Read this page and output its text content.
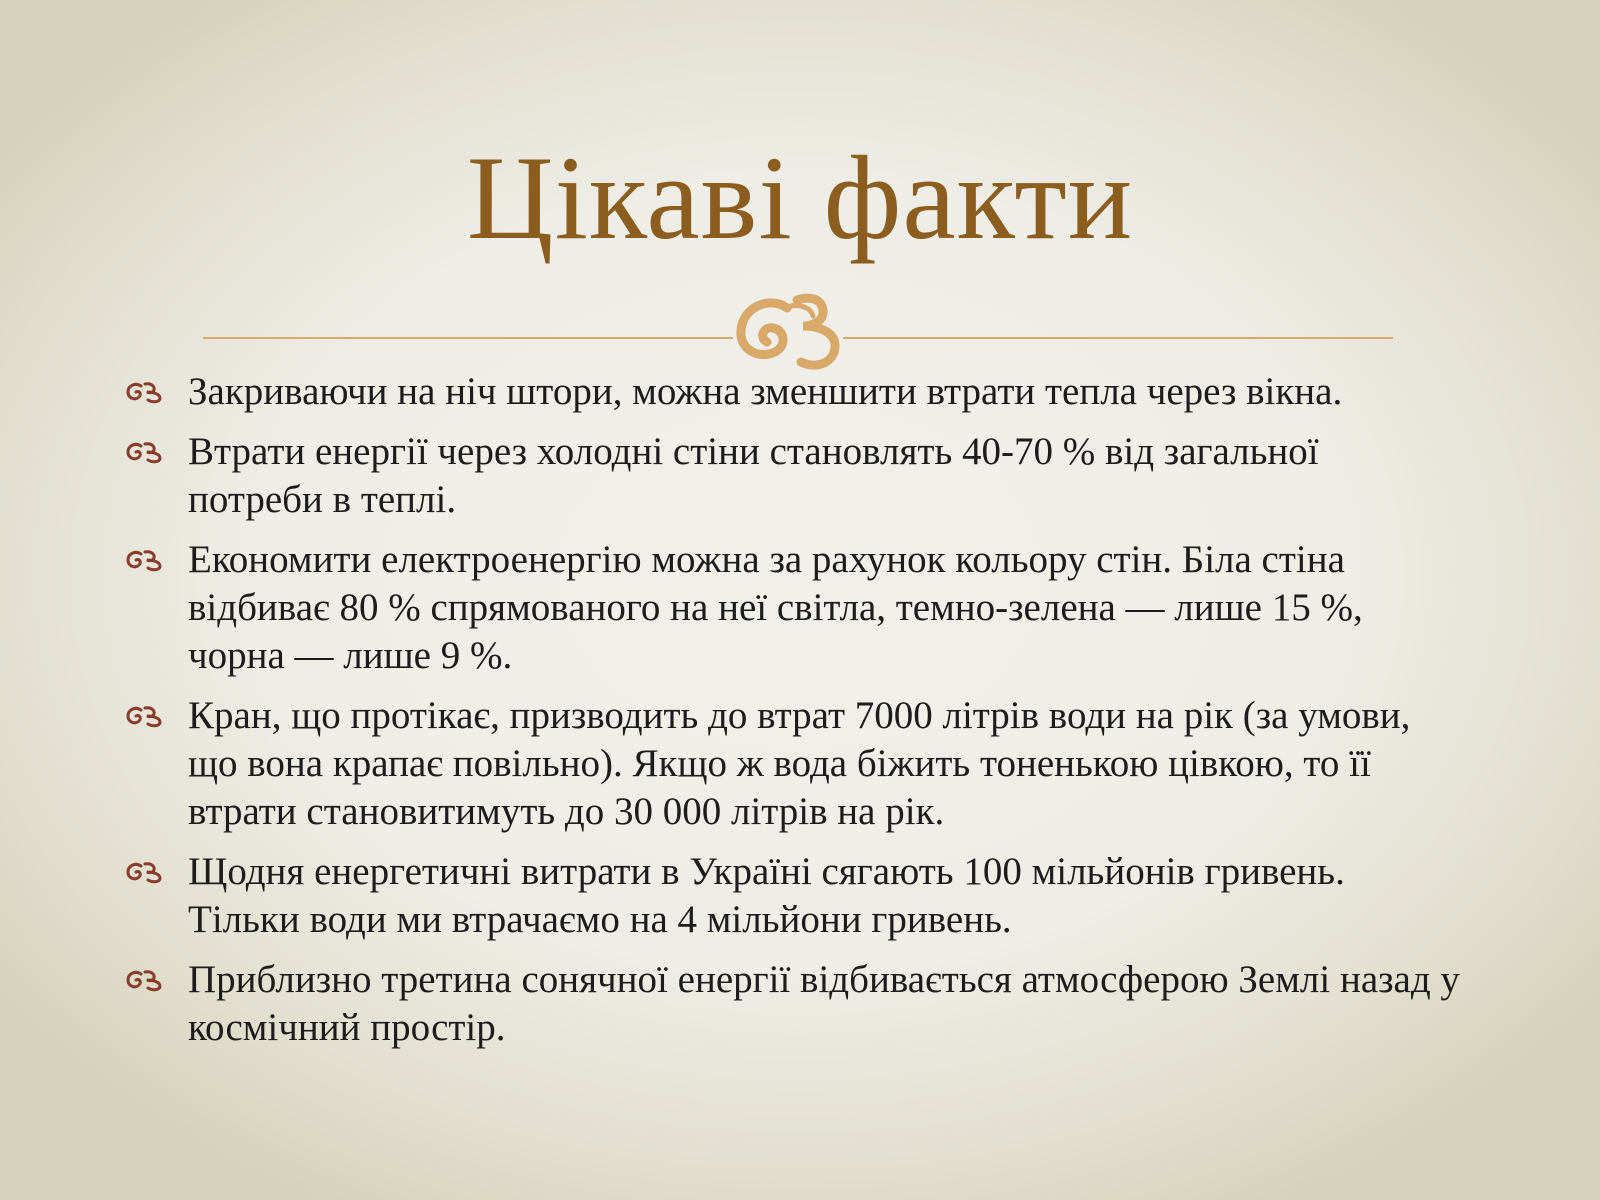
Цікаві факти
Закриваючи на ніч штори, можна зменшити втрати тепла через вікна.
Втрати енергії через холодні стіни становлять 40-70 % від загальної потреби в теплі.
Економити електроенергію можна за рахунок кольору стін. Біла стіна відбиває 80 % спрямованого на неї світла, темно-зелена — лише 15 %, чорна — лише 9 %.
Кран, що протікає, призводить до втрат 7000 літрів води на рік (за умови, що вона крапає повільно). Якщо ж вода біжить тоненькою цівкою, то її втрати становитимуть до 30 000 літрів на рік.
Щодня енергетичні витрати в Україні сягають 100 мільйонів гривень. Тільки води ми втрачаємо на 4 мільйони гривень.
Приблизно третина сонячної енергії відбивається атмосферою Землі назад у космічний простір.
